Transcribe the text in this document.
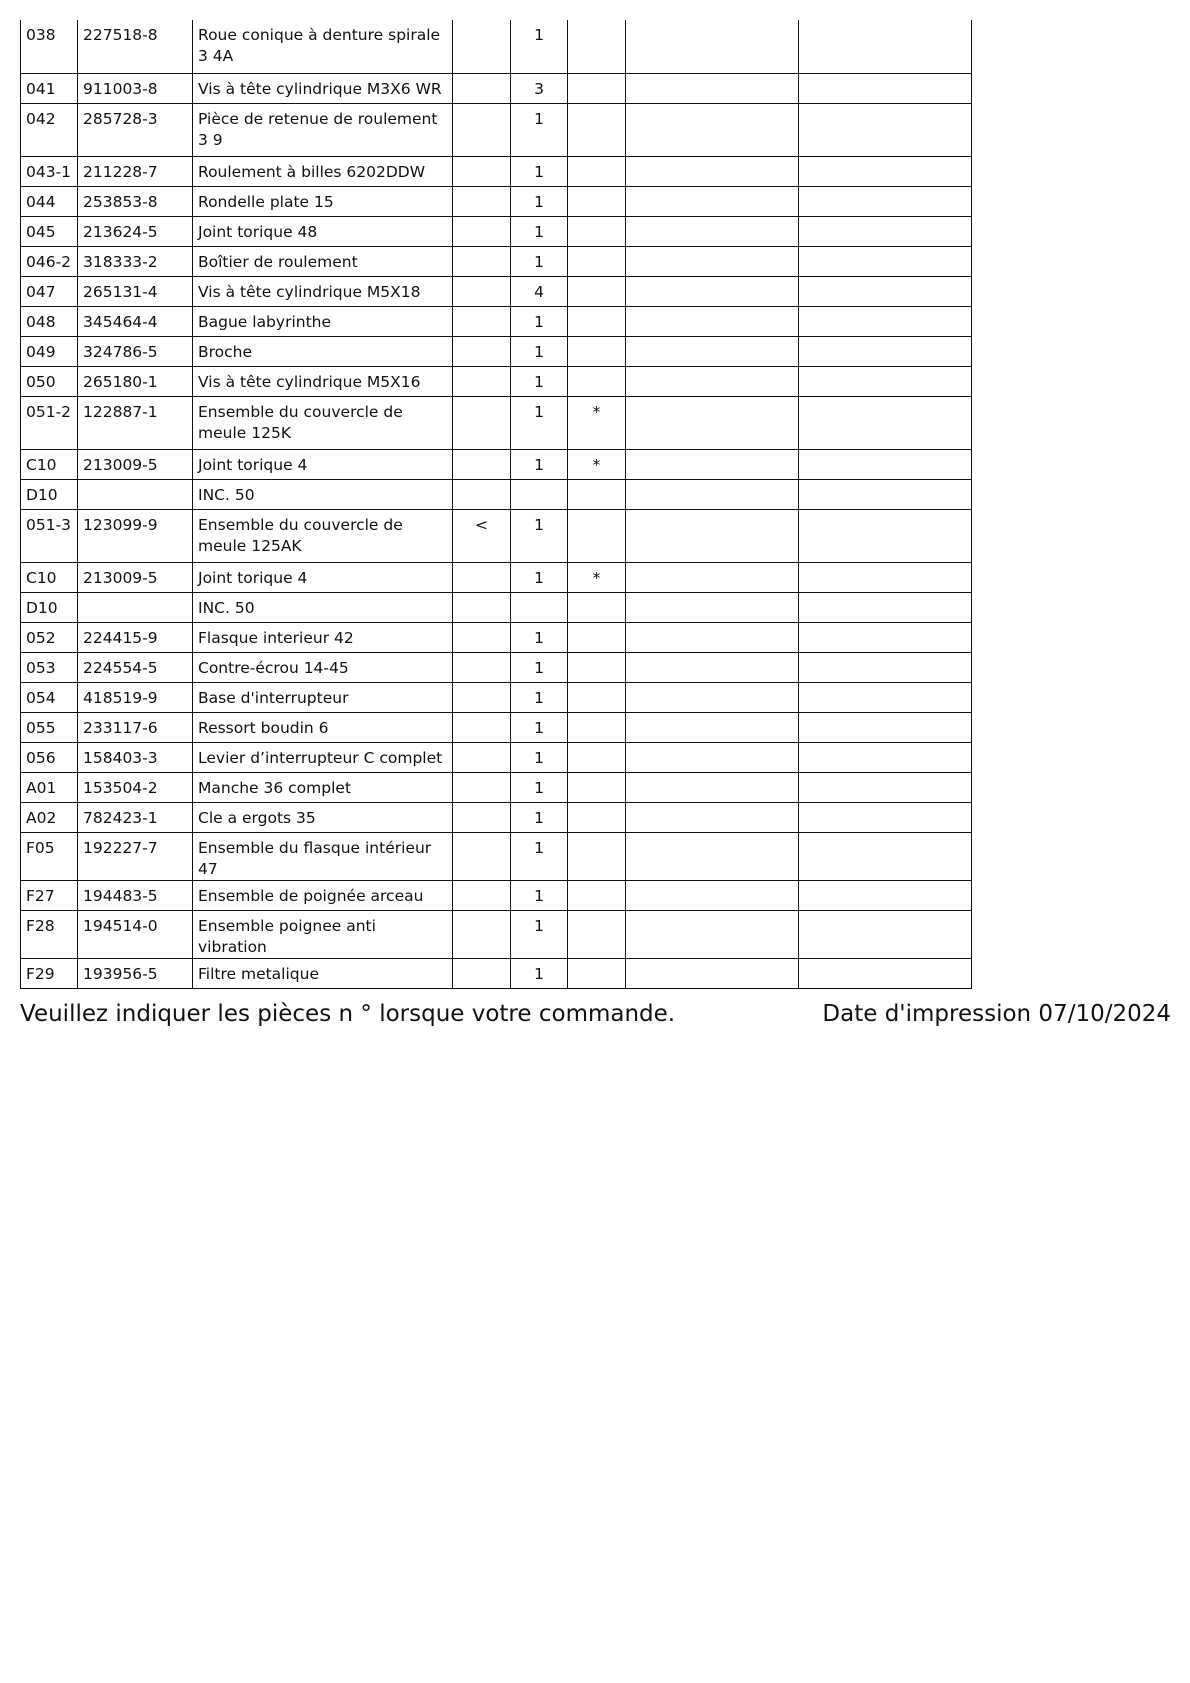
038	227518-8	Roue conique à denture spirale 3 4A		1			
041	911003-8	Vis à tête cylindrique M3X6 WR		3			
042	285728-3	Pièce de retenue de roulement 3 9		1			
043-1	211228-7	Roulement à billes 6202DDW		1			
044	253853-8	Rondelle plate 15		1			
045	213624-5	Joint torique 48		1			
046-2	318333-2	Boîtier de roulement		1			
047	265131-4	Vis à tête cylindrique M5X18		4			
048	345464-4	Bague labyrinthe		1			
049	324786-5	Broche		1			
050	265180-1	Vis à tête cylindrique M5X16		1			
051-2	122887-1	Ensemble du couvercle de meule 125K		1	*		
C10	213009-5	Joint torique 4		1	*		
D10		INC. 50					
051-3	123099-9	Ensemble du couvercle de meule 125AK	<	1			
C10	213009-5	Joint torique 4		1	*		
D10		INC. 50					
052	224415-9	Flasque interieur 42		1			
053	224554-5	Contre-écrou 14-45		1			
054	418519-9	Base d'interrupteur		1			
055	233117-6	Ressort boudin 6		1			
056	158403-3	Levier d’interrupteur C complet		1			
A01	153504-2	Manche 36 complet		1			
A02	782423-1	Cle a ergots 35		1			
F05	192227-7	Ensemble du flasque intérieur 47		1			
F27	194483-5	Ensemble de poignée arceau		1			
F28	194514-0	Ensemble poignee anti vibration		1			
F29	193956-5	Filtre metalique		1			
Veuillez indiquer les pièces n ° lorsque votre commande.	Date d'impression 07/10/2024
